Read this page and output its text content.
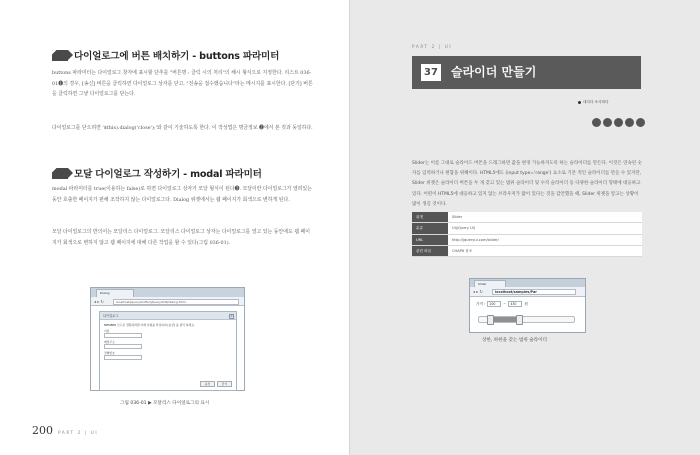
다이얼로그에 버튼 배치하기 - buttons 파라미터
buttons 파라미터는 다이얼로그 창자에 표시할 단추를 "버튼명 : 클릭 시의 처리"의 해시 형식으로 지정한다. 리스트 036-01❶의 경우, [송신] 버튼을 클릭하면 다이얼로그 상자를 닫고, "전송을 접수했습니다"라는 메시지를 표시한다. [닫기] 버튼을 클릭하면 그냥 다이얼로그를 닫는다.
다이얼로그를 닫으려면 '$this).dialog('close');'와 같이 기술하도록 한다. 이 작성법은 명금정보 ❷에서 본 것과 동일하다.
모달 다이얼로그 작성하기 - modal 파라미터
modal 파라미터를 true(이용하는 false)로 하면 다이얼로그 상자가 모달 형식이 된다❸. 모달이란 다이얼로그가 열려있는 동안 호출한 페이지가 편해 조작하지 않는 다이얼로그다. Dialog 위젯에서는 웹 페이지가 회색으로 변하게 된다.
모달 다이얼로그의 반의어는 모달리스 다이얼로그. 모달리스 다이얼로그 상자는 다이얼로그를 열고 있는 동안에도 웹 페이지가 회색으로 변하지 않고 웹 페이지에 대해 다른 작업을 할 수 있다(그림 036-01).
Dialog
◂ ▸ ↻	localhost/jquery/buffer/jQuery/036/dialog.html
다이얼로그	×
MEMBER 모드로 전환하려면 아래 사항을 작성하여 [송신] 을 클릭 하세요.
이름
메일주소
전화번호
송신	닫기
그림 036-01 ▶ 모달리스 다이얼로그의 표시
200 PART 2 | UI
PART 2 | UI
37 슬라이더 만들기
대다다 조사하다
Slider는 이름 그대로 슬라이드 버튼을 드래그하면 값을 변경 가능하지도록 하는 슬라이더를 만든다. 이것은 연속된 숫자를 입력하거나 편함을 위해이다. HTML5에도 (input type='range') 요소로 기본 적인 슬라이더를 만들 수 있지만, Slider 위젯은 슬라이더 버튼을 두 개 갖고 있는 범위 슬라이더 및 수직 슬라이더 등 다양한 슬라이더 형태에 대응하고 있다. 어떤이 HTML5에 대응하고 있지 않는 브라우저가 많이 있다는 것을 감안했을 때, Slider 위젯을 알고는 상황이 많이 생길 것이다.
위젯	Slider
분류	UI(jQuery UI)
URL	http://jqueryui.com/slider/
관련 파일	CHAP6 참조
Slider
◂ ▸ ↻	localhost/samples/Par
가격 :	100	~	430	원
상한, 하한을 갖는 범위 슬라이더
